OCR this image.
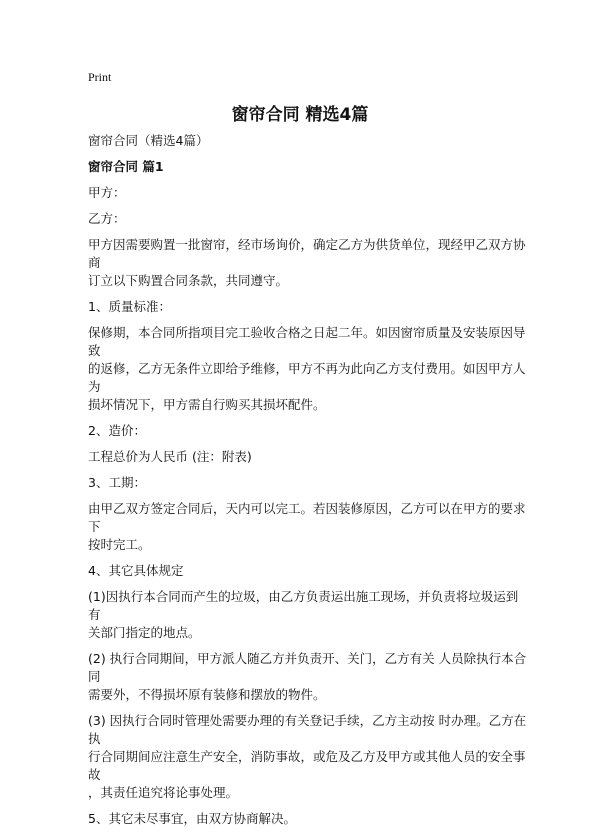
Print
窗帘合同 精选4篇

窗帘合同（精选4篇）

窗帘合同 篇1

甲方：

乙方：

甲方因需要购置一批窗帘，经市场询价，确定乙方为供货单位，现经甲乙双方协商
订立以下购置合同条款，共同遵守。

1、质量标准：

保修期，本合同所指项目完工验收合格之日起二年。如因窗帘质量及安装原因导致
的返修，乙方无条件立即给予维修，甲方不再为此向乙方支付费用。如因甲方人为
损坏情况下，甲方需自行购买其损坏配件。

2、造价：

工程总价为人民币 (注：附表)

3、工期：

由甲乙双方签定合同后，天内可以完工。若因装修原因，乙方可以在甲方的要求下
按时完工。

4、其它具体规定

(1)因执行本合同而产生的垃圾，由乙方负责运出施工现场，并负责将垃圾运到有
关部门指定的地点。

(2) 执行合同期间，甲方派人随乙方并负责开、关门，乙方有关 人员除执行本合同
需要外，不得损坏原有装修和摆放的物件。

(3) 因执行合同时管理处需要办理的有关登记手续，乙方主动按 时办理。乙方在执
行合同期间应注意生产安全，消防事故，或危及乙方及甲方或其他人员的安全事故
，其责任追究将论事处理。

5、其它未尽事宜，由双方协商解决。
